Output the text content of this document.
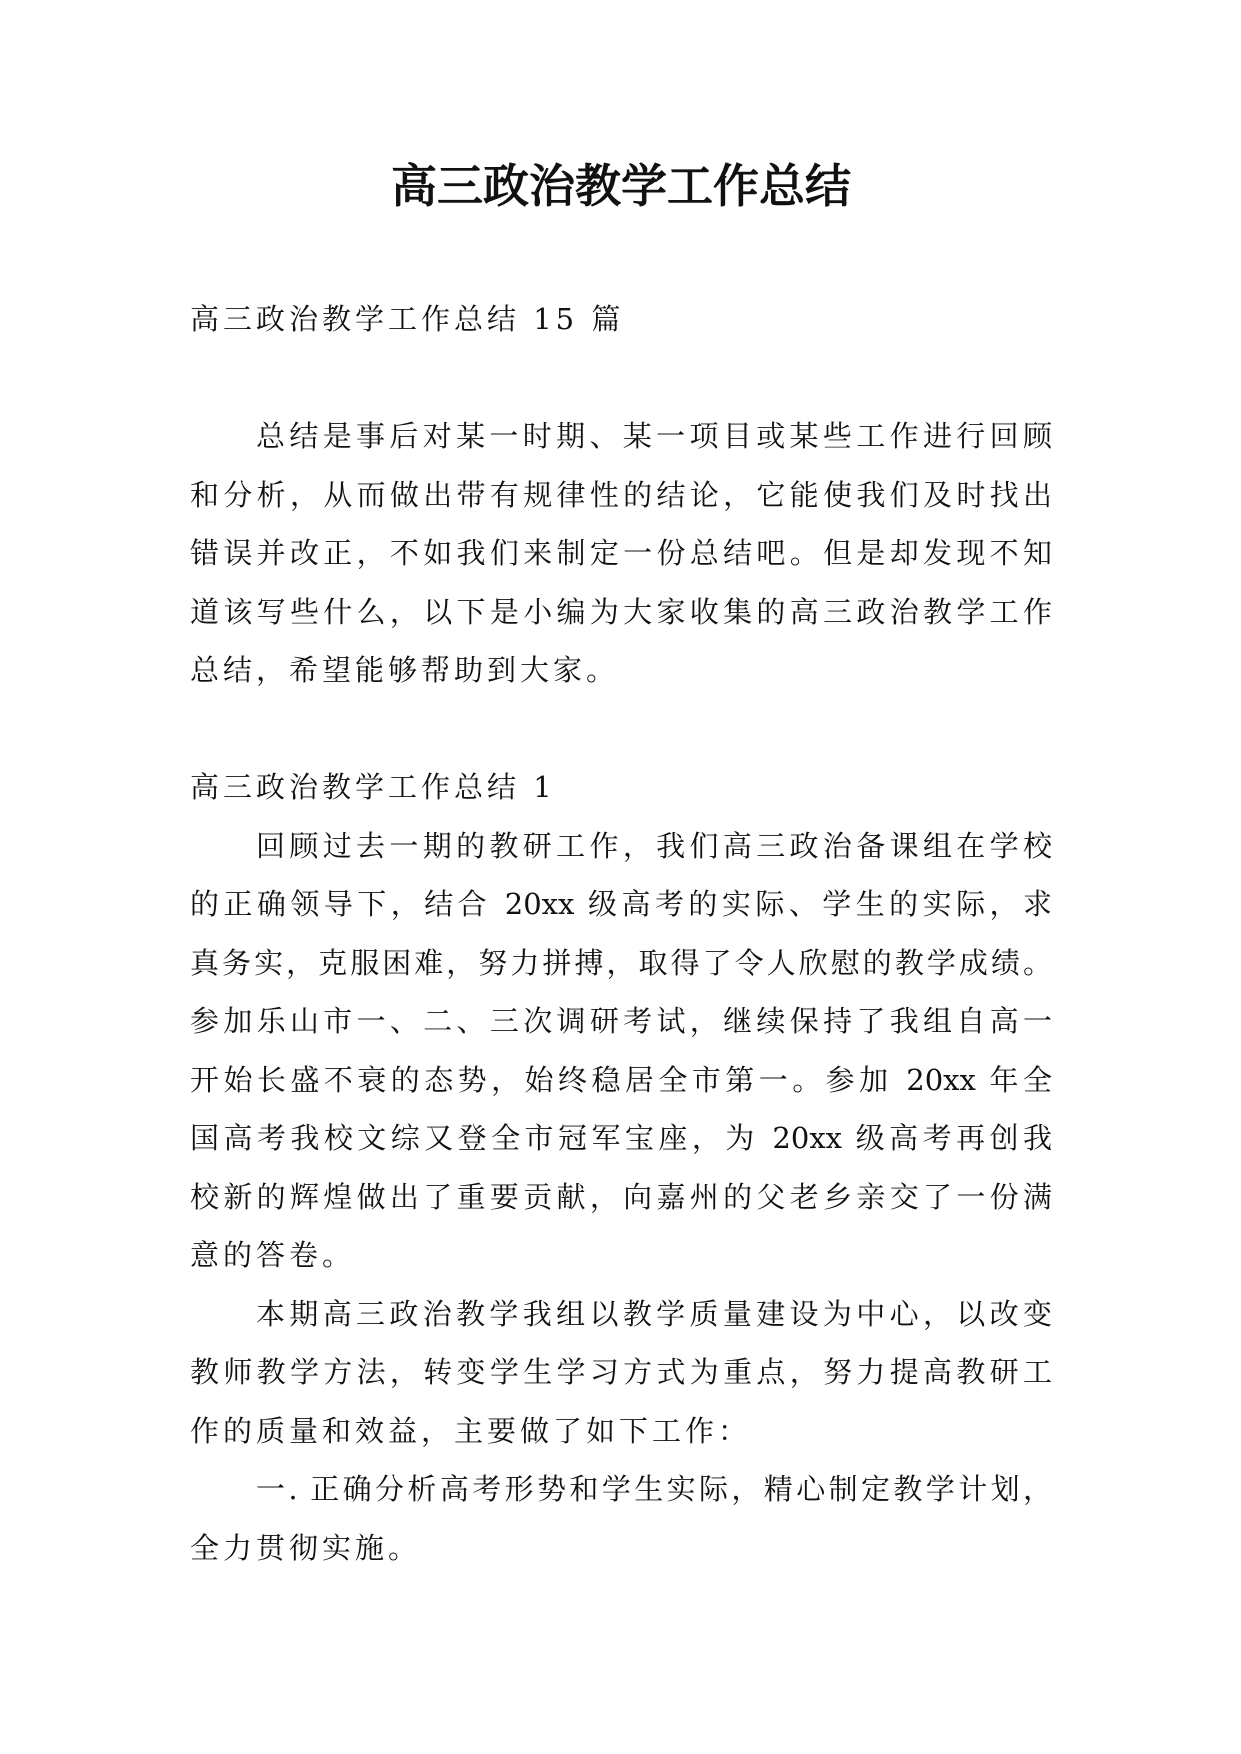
高三政治教学工作总结
高三政治教学工作总结 15 篇
总结是事后对某一时期、某一项目或某些工作进行回顾
和分析，从而做出带有规律性的结论，它能使我们及时找出
错误并改正，不如我们来制定一份总结吧。但是却发现不知
道该写些什么，以下是小编为大家收集的高三政治教学工作
总结，希望能够帮助到大家。
高三政治教学工作总结 1
回顾过去一期的教研工作，我们高三政治备课组在学校
的正确领导下，结合 20xx 级高考的实际、学生的实际，求
真务实，克服困难，努力拼搏，取得了令人欣慰的教学成绩。
参加乐山市一、二、三次调研考试，继续保持了我组自高一
开始长盛不衰的态势，始终稳居全市第一。参加 20xx 年全
国高考我校文综又登全市冠军宝座，为 20xx 级高考再创我
校新的辉煌做出了重要贡献，向嘉州的父老乡亲交了一份满
意的答卷。
本期高三政治教学我组以教学质量建设为中心，以改变
教师教学方法，转变学生学习方式为重点，努力提高教研工
作的质量和效益，主要做了如下工作：
一. 正确分析高考形势和学生实际，精心制定教学计划，
全力贯彻实施。
